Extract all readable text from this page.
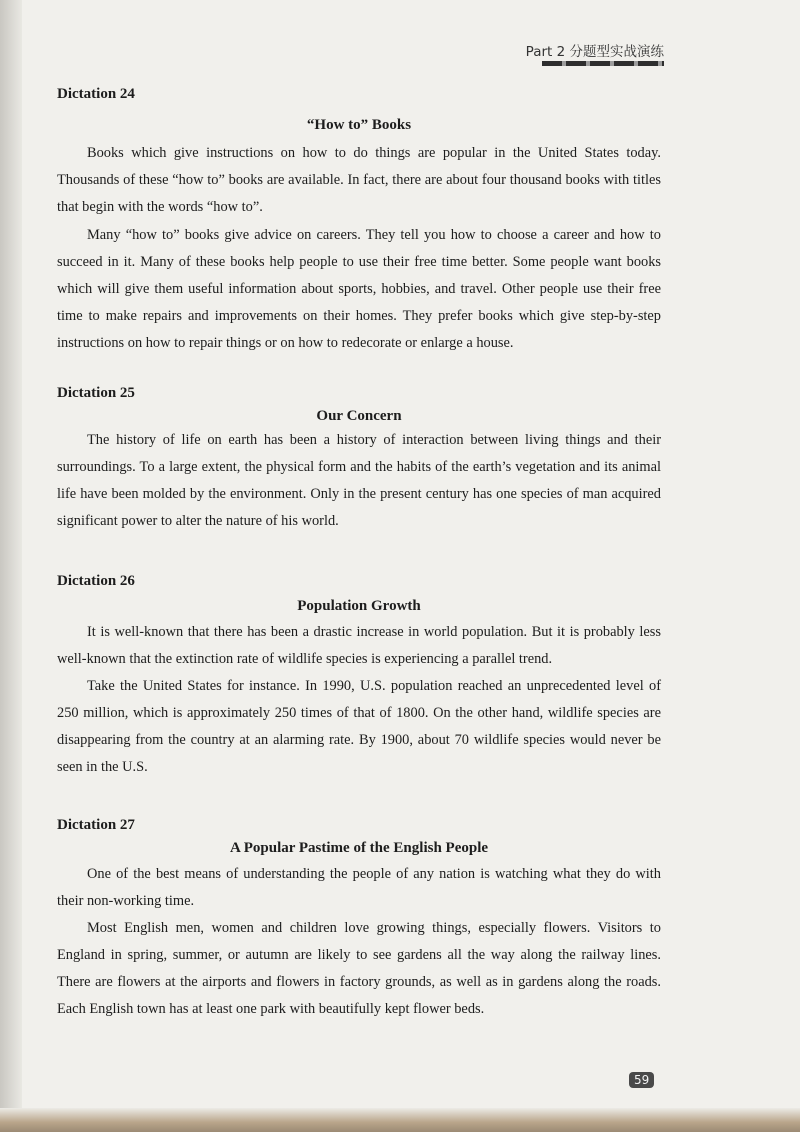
Part 2 分题型实战演练

Dictation 24

“How to” Books

Books which give instructions on how to do things are popular in the United States today. Thousands of these “how to” books are available. In fact, there are about four thousand books with titles that begin with the words “how to”.

Many “how to” books give advice on careers. They tell you how to choose a career and how to succeed in it. Many of these books help people to use their free time better. Some people want books which will give them useful information about sports, hobbies, and travel. Other people use their free time to make repairs and improvements on their homes. They prefer books which give step-by-step instructions on how to repair things or on how to redecorate or enlarge a house.

Dictation 25

Our Concern

The history of life on earth has been a history of interaction between living things and their surroundings. To a large extent, the physical form and the habits of the earth’s vegetation and its animal life have been molded by the environment. Only in the present century has one species of man acquired significant power to alter the nature of his world.

Dictation 26

Population Growth

It is well-known that there has been a drastic increase in world population. But it is probably less well-known that the extinction rate of wildlife species is experiencing a parallel trend.

Take the United States for instance. In 1990, U.S. population reached an unprecedented level of 250 million, which is approximately 250 times of that of 1800. On the other hand, wildlife species are disappearing from the country at an alarming rate. By 1900, about 70 wildlife species would never be seen in the U.S.

Dictation 27

A Popular Pastime of the English People

One of the best means of understanding the people of any nation is watching what they do with their non-working time.

Most English men, women and children love growing things, especially flowers. Visitors to England in spring, summer, or autumn are likely to see gardens all the way along the railway lines. There are flowers at the airports and flowers in factory grounds, as well as in gardens along the roads. Each English town has at least one park with beautifully kept flower beds.

59
